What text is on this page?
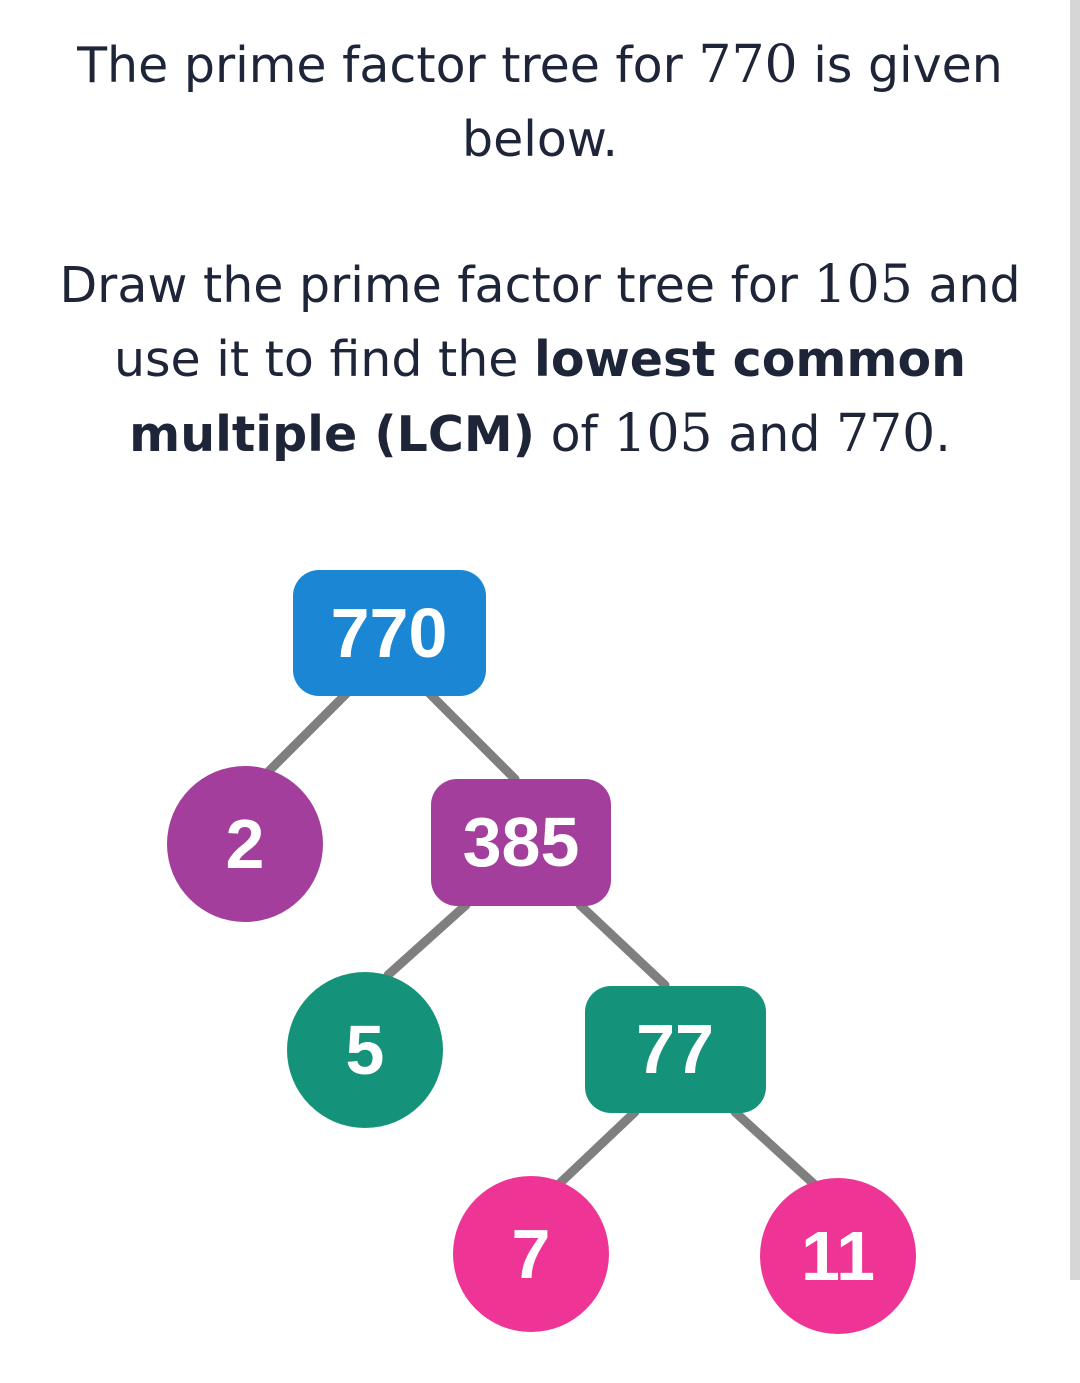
The prime factor tree for 770 is given
below.
Draw the prime factor tree for 105 and
use it to find the lowest common
multiple (LCM) of 105 and 770.
770
2	385
5	77
7	11
